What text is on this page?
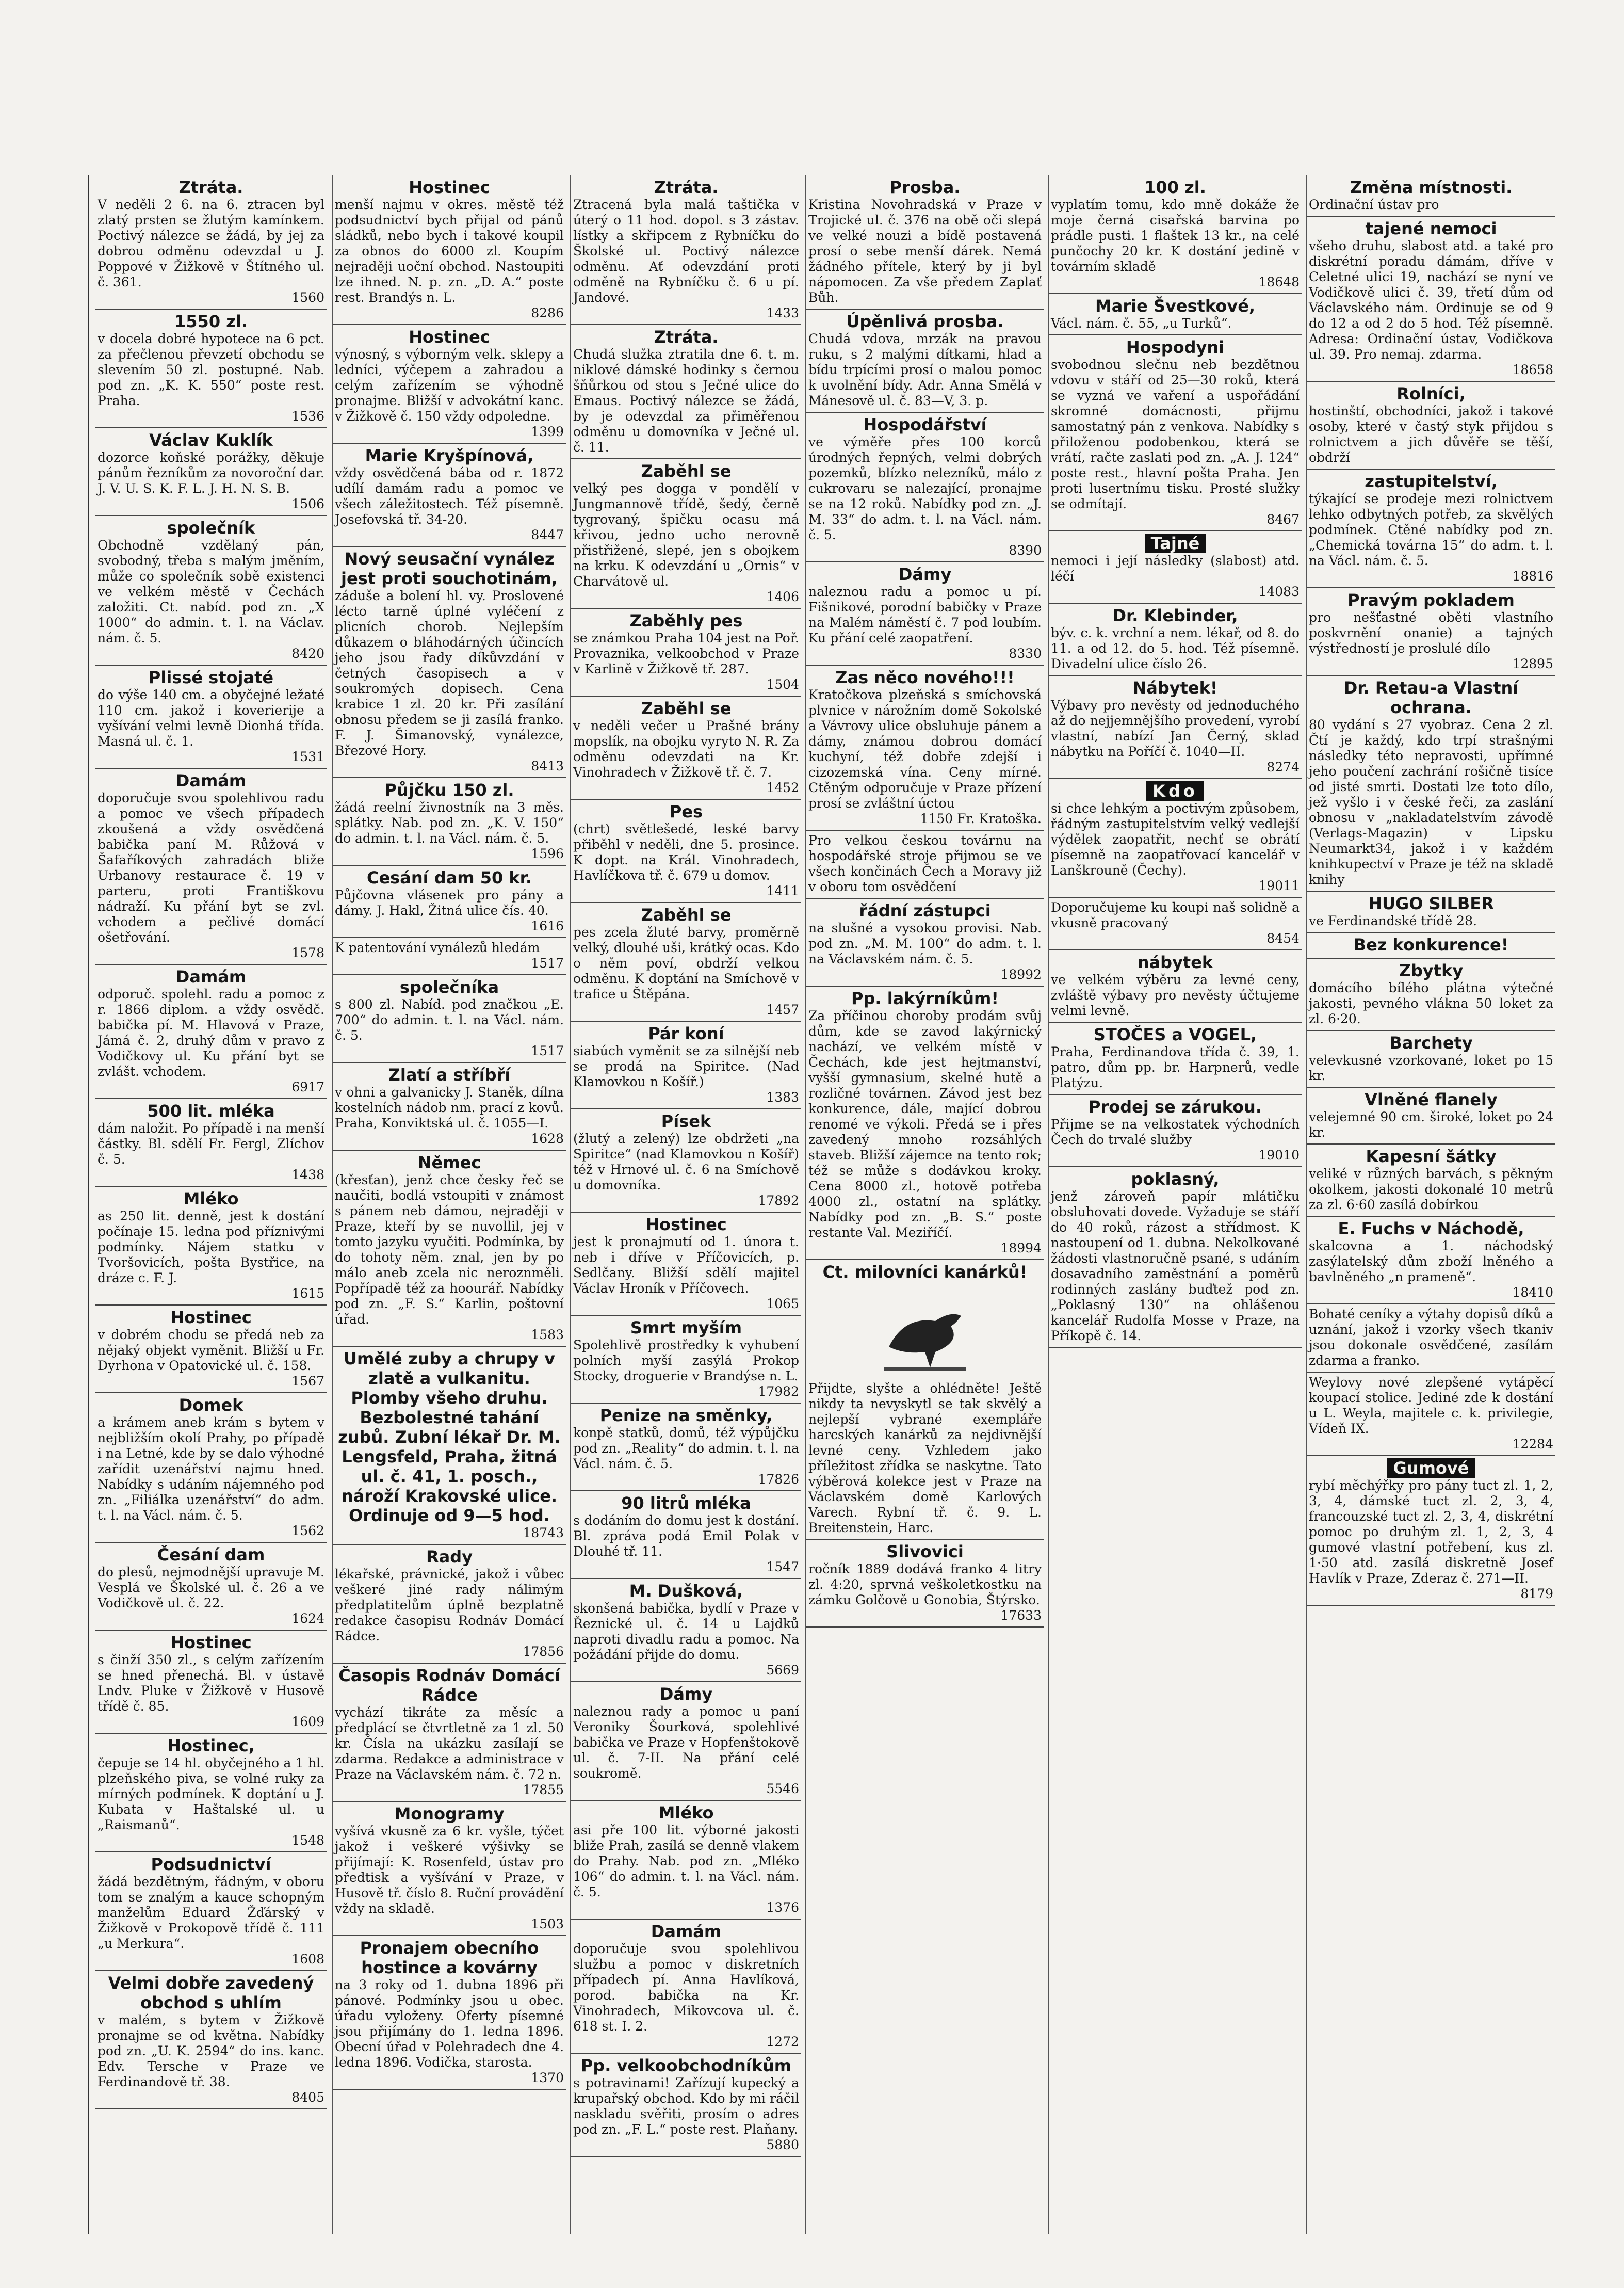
Ztráta.

V neděli 2 6. na 6. ztracen byl zlatý prsten se žlutým kamínkem. Poctivý nálezce se žádá, by jej za dobrou odměnu odevzdal u J. Poppové v Žižkově v Štítného ul. č. 361.

1560

1550 zl.

v docela dobré hypotece na 6 pct. za přečlenou převzetí obchodu se slevením 50 zl. postupné. Nab. pod zn. „K. K. 550“ poste rest. Praha.

1536

Václav Kuklík

dozorce koňské porážky, děkuje pánům řezníkům za novoroční dar. J. V. U. S. K. F. L. J. H. N. S. B.

1506

společník

Obchodně vzdělaný pán, svobodný, třeba s malým jměním, může co společník sobě existenci ve velkém městě v Čechách založiti. Ct. nabíd. pod zn. „X 1000“ do admin. t. l. na Václav. nám. č. 5.

8420

Plissé stojaté

do výše 140 cm. a obyčejné ležaté 110 cm. jakož i koverierije a vyšívání velmi levně Dionhá třída. Masná ul. č. 1.

1531

Damám

doporučuje svou spolehlivou radu a pomoc ve všech případech zkoušená a vždy osvědčená babička paní M. Růžová v Šafaříkových zahradách bliže Urbanovy restaurace č. 19 v parteru, proti Františkovu nádraží. Ku přání byt se zvl. vchodem a pečlivé domácí ošetřování.

1578

Damám

odporuč. spolehl. radu a pomoc z r. 1866 diplom. a vždy osvědč. babička pí. M. Hlavová v Praze, Jámá č. 2, druhý dům v pravo z Vodičkovy ul. Ku přání byt se zvlášt. vchodem.

6917

500 lit. mléka

dám naložit. Po případě i na menší částky. Bl. sdělí Fr. Fergl, Zlíchov č. 5.

1438

Mléko

as 250 lit. denně, jest k dostání počínaje 15. ledna pod příznivými podmínky. Nájem statku v Tvoršovicích, pošta Bystřice, na dráze c. F. J.

1615

Hostinec

v dobrém chodu se předá neb za nějaký objekt vyměnit. Bližší u Fr. Dyrhona v Opatovické ul. č. 158.

1567

Domek

a krámem aneb krám s bytem v nejbližším okolí Prahy, po případě i na Letné, kde by se dalo výhodné zařídit uzenářství najmu hned. Nabídky s udáním nájemného pod zn. „Filiálka uzenářství“ do adm. t. l. na Václ. nám. č. 5.

1562

Česání dam

do plesů, nejmodnější upravuje M. Vesplá ve Školské ul. č. 26 a ve Vodičkově ul. č. 22.

1624

Hostinec

s činží 350 zl., s celým zařízením se hned přenechá. Bl. v ústavě Lndv. Pluke v Žižkově v Husově třídě č. 85.

1609

Hostinec,

čepuje se 14 hl. obyčejného a 1 hl. plzeňského piva, se volné ruky za mírných podmínek. K doptání u J. Kubata v Haštalské ul. u „Raismanů“.

1548

Podsudnictví

žádá bezdětným, řádným, v oboru tom se znalým a kauce schopným manželům Eduard Žďárský v Žižkově v Prokopově třídě č. 111 „u Merkura“.

1608

Velmi dobře zavedený obchod s uhlím

v malém, s bytem v Žižkově pronajme se od května. Nabídky pod zn. „U. K. 2594“ do ins. kanc. Edv. Tersche v Praze ve Ferdinandově tř. 38.

8405

Hostinec

menší najmu v okres. městě též podsudnictví bych přijal od pánů sládků, nebo bych i takové koupil za obnos do 6000 zl. Koupím nejraději uoční obchod. Nastoupiti lze ihned. N. p. zn. „D. A.“ poste rest. Brandýs n. L.

8286

Hostinec

výnosný, s výborným velk. sklepy a ledníci, výčepem a zahradou a celým zařízením se výhodně pronajme. Bližší v advokátní kanc. v Žižkově č. 150 vždy odpoledne.

1399

Marie Kryšpínová,

vždy osvědčená bába od r. 1872 udílí damám radu a pomoc ve všech záležitostech. Též písemně. Josefovská tř. 34-20.

8447

Nový seusační vynález jest proti souchotinám,

záduše a bolení hl. vy. Proslovené lécto tarně úplné vyléčení z plicních chorob. Nejlepším důkazem o bláhodárných účincích jeho jsou řady díkůvzdání v četných časopisech a v soukromých dopisech. Cena krabice 1 zl. 20 kr. Při zasílání obnosu předem se ji zasílá franko. F. J. Šimanovský, vynálezce, Březové Hory.

8413

Půjčku 150 zl.

žádá reelní živnostník na 3 měs. splátky. Nab. pod zn. „K. V. 150“ do admin. t. l. na Václ. nám. č. 5.

1596

Cesání dam 50 kr.

Půjčovna vlásenek pro pány a dámy. J. Hakl, Žitná ulice čís. 40.

1616

K patentování vynálezů hledám

1517

společníka

s 800 zl. Nabíd. pod značkou „E. 700“ do admin. t. l. na Václ. nám. č. 5.

1517

Zlatí a stříbří

v ohni a galvanicky J. Staněk, dílna kostelních nádob nm. prací z kovů. Praha, Konviktská ul. č. 1055—I.

1628

Němec

(křesťan), jenž chce česky řeč se naučiti, bodlá vstoupiti v známost s pánem neb dámou, nejraději v Praze, kteří by se nuvollil, jej v tomto jazyku vyučiti. Podmínka, by do tohoty něm. znal, jen by po málo aneb zcela nic neroznměli. Popřípadě též za hoourář. Nabídky pod zn. „F. S.“ Karlin, poštovní úřad.

1583

Umělé zuby a chrupy v zlatě a vulkanitu. Plomby všeho druhu. Bezbolestné tahání zubů. Zubní lékař Dr. M. Lengsfeld, Praha, žitná ul. č. 41, 1. posch., nároží Krakovské ulice. Ordinuje od 9—5 hod.

18743

Rady

lékařské, právnické, jakož i vůbec veškeré jiné rady nálimým předplatitelům úplně bezplatně redakce časopisu Rodnáv Domácí Rádce.

17856

Časopis Rodnáv Domácí Rádce

vychází tikráte za měsíc a předplácí se čtvrtletně za 1 zl. 50 kr. Čísla na ukázku zasílají se zdarma. Redakce a administrace v Praze na Václavském nám. č. 72 n.

17855

Monogramy

vyšívá vkusně za 6 kr. vyšle, týčet jakož i veškeré výšivky se přijímají: K. Rosenfeld, ústav pro předtisk a vyšívání v Praze, v Husově tř. číslo 8. Ruční provádění vždy na skladě.

1503

Pronajem obecního hostince a kovárny

na 3 roky od 1. dubna 1896 při pánové. Podmínky jsou u obec. úřadu vyloženy. Oferty písemné jsou přijímány do 1. ledna 1896. Obecní úřad v Polehradech dne 4. ledna 1896. Vodička, starosta.

1370

Ztráta.

Ztracená byla malá taštička v úterý o 11 hod. dopol. s 3 zástav. lístky a skřipcem z Rybníčku do Školské ul. Poctivý nálezce odměnu. Ať odevzdání proti odměně na Rybníčku č. 6 u pí. Jandové.

1433

Ztráta.

Chudá služka ztratila dne 6. t. m. niklové dámské hodinky s černou šňůrkou od stou s Ječné ulice do Emaus. Poctivý nálezce se žádá, by je odevzdal za přiměřenou odměnu u domovníka v Ječné ul. č. 11.

Zaběhl se

velký pes dogga v pondělí v Jungmannově třídě, šedý, černě tygrovaný, špičku ocasu má křivou, jedno ucho nerovně přistřižené, slepé, jen s obojkem na krku. K odevzdání u „Ornis“ v Charvátově ul.

1406

Zaběhly pes

se známkou Praha 104 jest na Poř. Provaznika, velkoobchod v Praze v Karlině v Žižkově tř. 287.

1504

Zaběhl se

v neděli večer u Prašné brány mopslík, na obojku vyryto N. R. Za odměnu odevzdati na Kr. Vinohradech v Žižkově tř. č. 7.

1452

Pes

(chrt) světlešedé, leské barvy přiběhl v neděli, dne 5. prosince. K dopt. na Král. Vinohradech, Havlíčkova tř. č. 679 u domov.

1411

Zaběhl se

pes zcela žluté barvy, proměrně velký, dlouhé uši, krátký ocas. Kdo o něm poví, obdrží velkou odměnu. K doptání na Smíchově v trafice u Štěpána.

1457

Pár koní

siabúch vyměnit se za silnější neb se prodá na Spiritce. (Nad Klamovkou n Košíř.)

1383

Písek

(žlutý a zelený) lze obdržeti „na Spiritce“ (nad Klamovkou n Košíř) též v Hrnové ul. č. 6 na Smíchově u domovníka.

17892

Hostinec

jest k pronajmutí od 1. února t. neb i dříve v Příčovicích, p. Sedlčany. Bližší sdělí majitel Václav Hroník v Příčovech.

1065

Smrt myším

Spolehlivě prostředky k vyhubení polních myší zasýlá Prokop Stocky, droguerie v Brandýse n. L.

17982

Penize na směnky,

konpě statků, domů, též výpůjčku pod zn. „Reality“ do admin. t. l. na Václ. nám. č. 5.

17826

90 litrů mléka

s dodáním do domu jest k dostání. Bl. zpráva podá Emil Polak v Dlouhé tř. 11.

1547

M. Dušková,

skonšená babička, bydlí v Praze v Řeznické ul. č. 14 u Lajdků naproti divadlu radu a pomoc. Na požádání přijde do domu.

5669

Dámy

naleznou rady a pomoc u paní Veroniky Šourková, spolehlivé babička ve Praze v Hopfenštokově ul. č. 7-II. Na přání celé soukromě.

5546

Mléko

asi pře 100 lit. výborné jakosti bliže Prah, zasílá se denně vlakem do Prahy. Nab. pod zn. „Mléko 106“ do admin. t. l. na Václ. nám. č. 5.

1376

Damám

doporučuje svou spolehlivou službu a pomoc v diskretních případech pí. Anna Havlíková, porod. babička na Kr. Vinohradech, Mikovcova ul. č. 618 st. I. 2.

1272

Pp. velkoobchodníkům

s potravinami! Zařízují kupecký a krupařský obchod. Kdo by mi ráčil naskladu svěřiti, prosím o adres pod zn. „F. L.“ poste rest. Plaňany.

5880

Prosba.

Kristina Novohradská v Praze v Trojické ul. č. 376 na obě oči slepá ve velké nouzi a bídě postavená prosí o sebe menší dárek. Nemá žádného přítele, který by ji byl nápomocen. Za vše předem Zaplať Bůh.

Úpěnlivá prosba.

Chudá vdova, mrzák na pravou ruku, s 2 malými dítkami, hlad a bídu trpícími prosí o malou pomoc k uvolnění bídy. Adr. Anna Smělá v Mánesově ul. č. 83—V, 3. p.

Hospodářství

ve výměře přes 100 korců úrodných řepných, velmi dobrých pozemků, blízko nelezníků, málo z cukrovaru se nalezající, pronajme se na 12 roků. Nabídky pod zn. „J. M. 33“ do adm. t. l. na Václ. nám. č. 5.

8390

Dámy

naleznou radu a pomoc u pí. Fišnikové, porodní babičky v Praze na Malém náměstí č. 7 pod loubím. Ku přání celé zaopatření.

8330

Zas něco nového!!!

Kratočkova plzeňská s smíchovská plvnice v nárožním domě Sokolské a Vávrovy ulice obsluhuje pánem a dámy, známou dobrou domácí kuchyní, též dobře zdejší i cizozemská vína. Ceny mírné. Ctěným odporučuje v Praze přízení prosí se zvláštní úctou

1150 Fr. Kratoška.

Pro velkou českou továrnu na hospodářské stroje přijmou se ve všech končinách Čech a Moravy již v oboru tom osvědčení

řádní zástupci

na slušné a vysokou provisi. Nab. pod zn. „M. M. 100“ do adm. t. l. na Václavském nám. č. 5.

18992

Pp. lakýrníkům!

Za příčinou choroby prodám svůj dům, kde se zavod lakýrnický nachází, ve velkém místě v Čechách, kde jest hejtmanství, vyšší gymnasium, skelné hutě a rozličné továrnen. Závod jest bez konkurence, dále, mající dobrou renomé ve výkoli. Předá se i přes zavedený mnoho rozsáhlých staveb. Bližší zájemce na tento rok; též se může s dodávkou kroky. Cena 8000 zl., hotově potřeba 4000 zl., ostatní na splátky. Nabídky pod zn. „B. S.“ poste restante Val. Meziříčí.

18994

Ct. milovníci kanárků!

Přijdte, slyšte a ohlédněte! Ještě nikdy ta nevyskytl se tak skvělý a nejlepší vybrané exempláře harcských kanárků za nejdivnější levné ceny. Vzhledem jako příležitost zřídka se naskytne. Tato výběrová kolekce jest v Praze na Václavském domě Karlových Varech. Rybní tř. č. 9. L. Breitenstein, Harc.

Slivovici

ročník 1889 dodává franko 4 litry zl. 4:20, sprvná veškoletkostku na zámku Golčově u Gonobia, Štýrsko.

17633

100 zl.

vyplatím tomu, kdo mně dokáže že moje černá cisařská barvina po prádle pusti. 1 flaštek 13 kr., na celé punčochy 20 kr. K dostání jedině v továrním skladě

18648

Marie Švestkové,

Václ. nám. č. 55, „u Turků“.

Hospodyni

svobodnou slečnu neb bezdětnou vdovu v stáří od 25—30 roků, která se vyzná ve vaření a uspořádání skromné domácnosti, přijmu samostatný pán z venkova. Nabídky s přiloženou podobenkou, která se vrátí, račte zaslati pod zn. „A. J. 124“ poste rest., hlavní pošta Praha. Jen proti lusertnímu tisku. Prosté služky se odmítají.

8467

Tajné

nemoci i její následky (slabost) atd. léčí

14083

Dr. Klebinder,

býv. c. k. vrchní a nem. lékař, od 8. do 11. a od 12. do 5. hod. Též písemně. Divadelní ulice číslo 26.

Nábytek!

Výbavy pro nevěsty od jednoduchého až do nejjemnějšího provedení, vyrobí vlastní, nabízí Jan Černý, sklad nábytku na Poříčí č. 1040—II.

8274

Kdo

si chce lehkým a poctivým způsobem, řádným zastupitelstvím velký vedlejší výdělek zaopatřit, nechť se obrátí písemně na zaopatřovací kancelář v Lanškrouně (Čechy).

19011

Doporučujeme ku koupi naš solidně a vkusně pracovaný

8454

nábytek

ve velkém výběru za levné ceny, zvláště výbavy pro nevěsty účtujeme velmi levně.

STOČES a VOGEL,

Praha, Ferdinandova třída č. 39, 1. patro, dům pp. br. Harpnerů, vedle Platýzu.

Prodej se zárukou.

Přijme se na velkostatek východních Čech do trvalé služby

19010

poklasný,

jenž zároveň papír mlátičku obsluhovati dovede. Vyžaduje se stáří do 40 roků, rázost a střídmost. K nastoupení od 1. dubna. Nekolkované žádosti vlastnoručně psané, s udáním dosavadního zaměstnání a poměrů rodinných zaslány buďtež pod zn. „Poklasný 130“ na ohlášenou kancelář Rudolfa Mosse v Praze, na Příkopě č. 14.

Změna místnosti.

Ordinační ústav pro

tajené nemoci

všeho druhu, slabost atd. a také pro diskrétní poradu dámám, dříve v Celetné ulici 19, nachází se nyní ve Vodičkově ulici č. 39, třetí dům od Václavského nám. Ordinuje se od 9 do 12 a od 2 do 5 hod. Též písemně. Adresa: Ordinační ústav, Vodičkova ul. 39. Pro nemaj. zdarma.

18658

Rolníci,

hostinští, obchodníci, jakož i takové osoby, které v častý styk přijdou s rolnictvem a jich důvěře se těší, obdrží

zastupitelství,

týkající se prodeje mezi rolnictvem lehko odbytných potřeb, za skvělých podmínek. Ctěné nabídky pod zn. „Chemická továrna 15“ do adm. t. l. na Václ. nám. č. 5.

18816

Pravým pokladem

pro nešťastné oběti vlastního poskvrnění onanie) a tajných výstředností je proslulé dílo

12895

Dr. Retau-a Vlastní ochrana.

80 vydání s 27 vyobraz. Cena 2 zl. Čtí je každý, kdo trpí strašnými následky této nepravosti, upřímné jeho poučení zachrání rošičně tisíce od jisté smrti. Dostati lze toto dílo, jež vyšlo i v české řeči, za zaslání obnosu v „nakladatelstvím závodě (Verlags-Magazin) v Lipsku Neumarkt34, jakož i v každém knihkupectví v Praze je též na skladě knihy

HUGO SILBER

ve Ferdinandské třídě 28.

Bez konkurence!
Zbytky

domácího bílého plátna výtečné jakosti, pevného vlákna 50 loket za zl. 6·20.

Barchety

velevkusné vzorkované, loket po 15 kr.

Vlněné flanely

velejemné 90 cm. široké, loket po 24 kr.

Kapesní šátky

veliké v různých barvách, s pěkným okolkem, jakosti dokonalé 10 metrů za zl. 6·60 zasílá dobírkou

E. Fuchs v Náchodě,

skalcovna a 1. náchodský zasýlatelský dům zboží lněného a bavlněného „n prameně“.

18410

Bohaté ceníky a výtahy dopisů díků a uznání, jakož i vzorky všech tkaniv jsou dokonale osvědčené, zasílám zdarma a franko.

Weylovy nové zlepšené vytápěcí koupací stolice. Jediné zde k dostání u L. Weyla, majitele c. k. privilegie, Vídeň IX.

12284

Gumové

rybí měchýřky pro pány tuct zl. 1, 2, 3, 4, dámské tuct zl. 2, 3, 4, francouzské tuct zl. 2, 3, 4, diskrétní pomoc po druhým zl. 1, 2, 3, 4 gumové vlastní potřebení, kus zl. 1·50 atd. zasílá diskretně Josef Havlík v Praze, Zderaz č. 271—II.

8179
